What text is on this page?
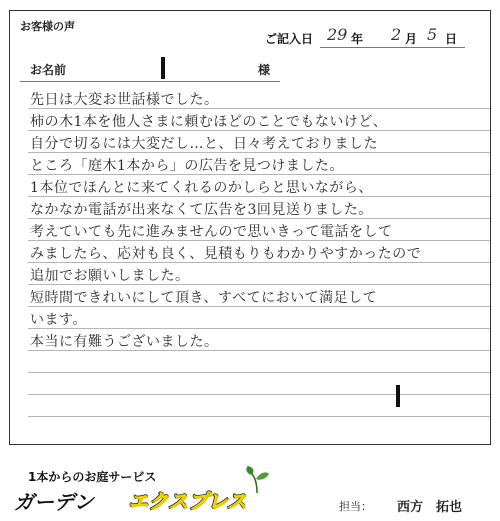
お客様の声
ご記入日 29 年 2 月 5 日
お名前	様
先日は大変お世話様でした。
柿の木1本を他人さまに頼むほどのことでもないけど、
自分で切るには大変だし…と、日々考えておりました
ところ「庭木1本から」の広告を見つけました。
1本位でほんとに来てくれるのかしらと思いながら、
なかなか電話が出来なくて広告を3回見送りました。
考えていても先に進みませんので思いきって電話をして
みましたら、応対も良く、見積もりもわかりやすかったので
追加でお願いしました。
短時間できれいにして頂き、すべてにおいて満足して
います。
本当に有難うございました。
1本からのお庭サービス
ガーデン エクスプレス	担当： 西方　拓也
